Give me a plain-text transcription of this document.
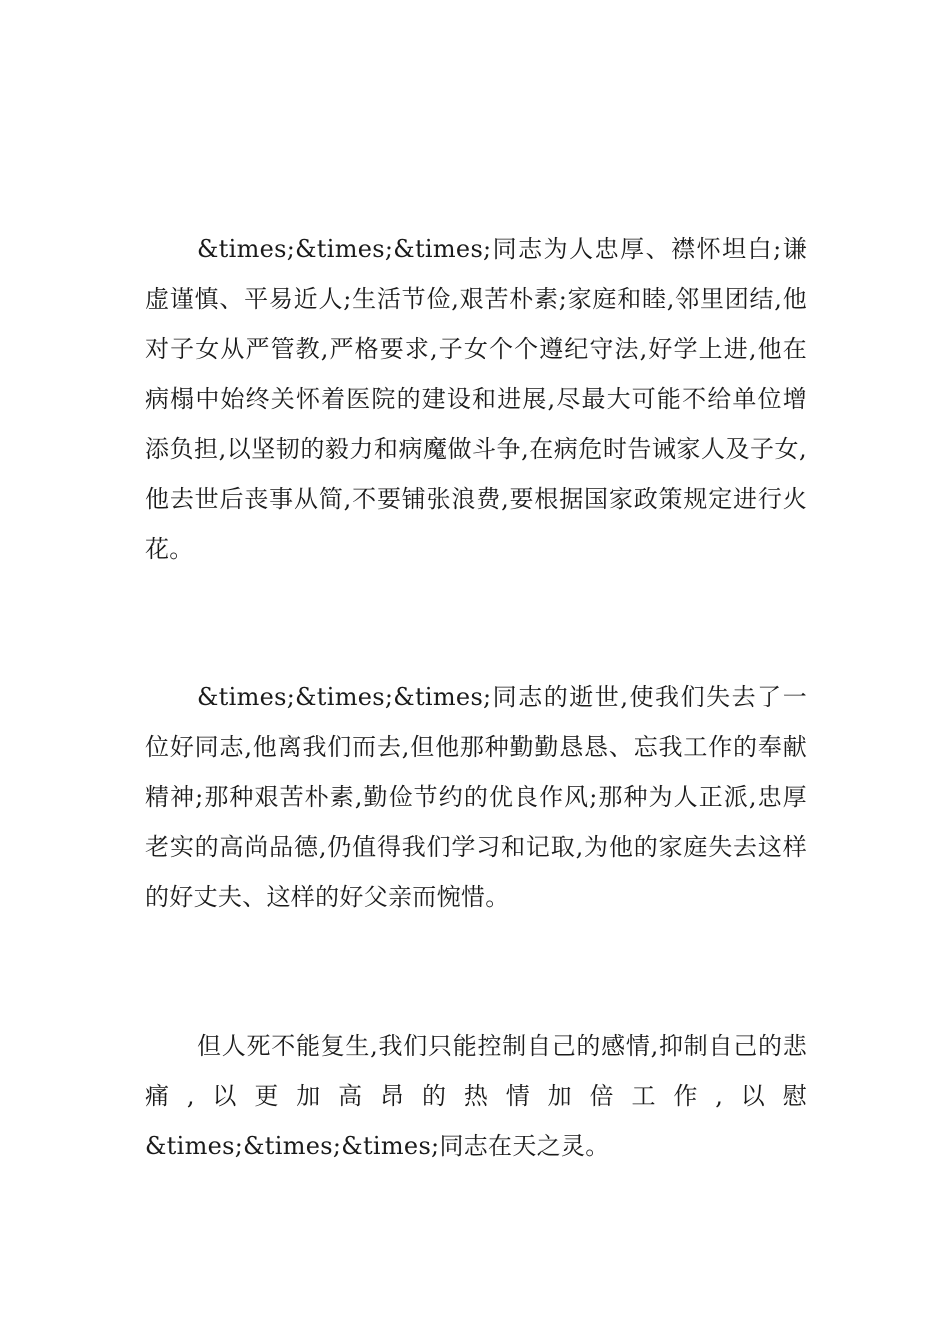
&times;&times;&times;同志为人忠厚、襟怀坦白;谦虚谨慎、平易近人;生活节俭,艰苦朴素;家庭和睦,邻里团结,他对子女从严管教,严格要求,子女个个遵纪守法,好学上进,他在病榻中始终关怀着医院的建设和进展,尽最大可能不给单位增添负担,以坚韧的毅力和病魔做斗争,在病危时告诫家人及子女,他去世后丧事从简,不要铺张浪费,要根据国家政策规定进行火花。

&times;&times;&times;同志的逝世,使我们失去了一位好同志,他离我们而去,但他那种勤勤恳恳、忘我工作的奉献精神;那种艰苦朴素,勤俭节约的优良作风;那种为人正派,忠厚老实的高尚品德,仍值得我们学习和记取,为他的家庭失去这样的好丈夫、这样的好父亲而惋惜。

但人死不能复生,我们只能控制自己的感情,抑制自己的悲痛,以更加高昂的热情加倍工作,以慰&times;&times;&times;同志在天之灵。
